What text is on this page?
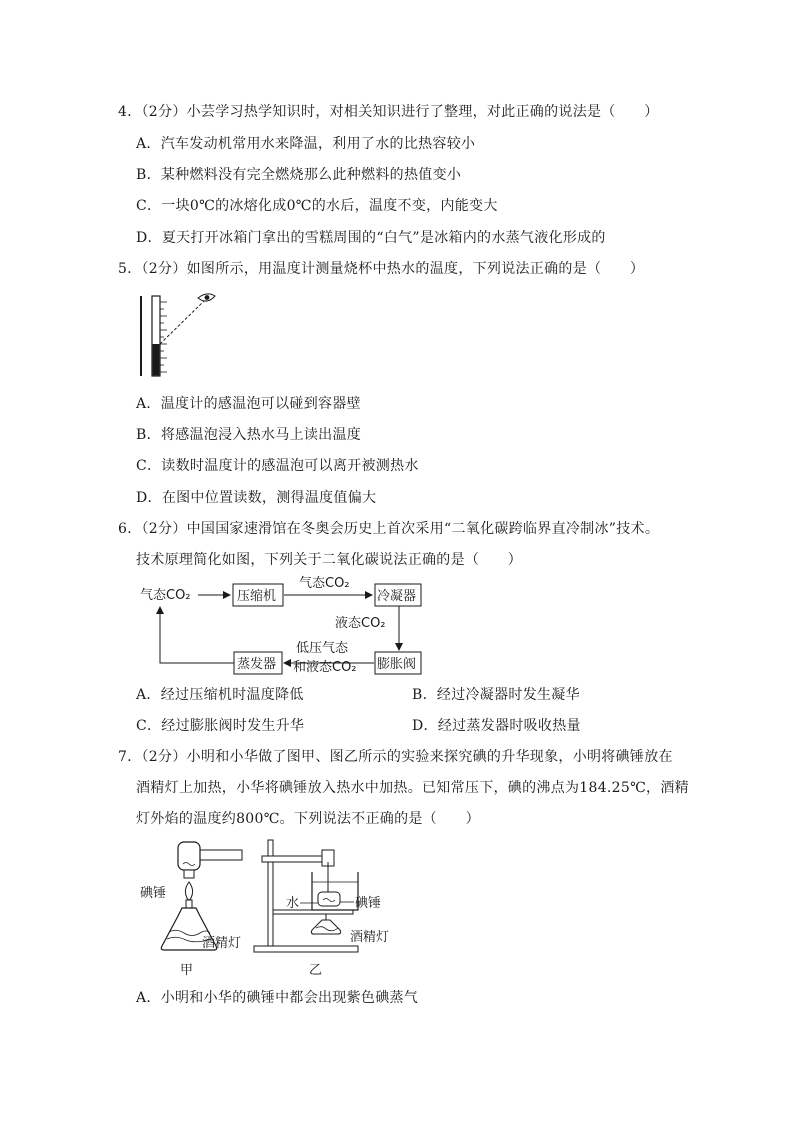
4．（2分）小芸学习热学知识时，对相关知识进行了整理，对此正确的说法是（　　）
A．汽车发动机常用水来降温，利用了水的比热容较小
B．某种燃料没有完全燃烧那么此种燃料的热值变小
C．一块0℃的冰熔化成0℃的水后，温度不变，内能变大
D．夏天打开冰箱门拿出的雪糕周围的“白气”是冰箱内的水蒸气液化形成的
5．（2分）如图所示，用温度计测量烧杯中热水的温度，下列说法正确的是（　　）
A．温度计的感温泡可以碰到容器壁
B．将感温泡浸入热水马上读出温度
C．读数时温度计的感温泡可以离开被测热水
D．在图中位置读数，测得温度值偏大
6．（2分）中国国家速滑馆在冬奥会历史上首次采用“二氧化碳跨临界直冷制冰”技术。
技术原理简化如图，下列关于二氧化碳说法正确的是（　　）
气态CO₂	压缩机
气态CO₂
冷凝器
液态CO₂
膨胀阀
低压气态
和液态CO₂
蒸发器
A．经过压缩机时温度降低	B．经过冷凝器时发生凝华
C．经过膨胀阀时发生升华	D．经过蒸发器时吸收热量
7．（2分）小明和小华做了图甲、图乙所示的实验来探究碘的升华现象，小明将碘锤放在
酒精灯上加热，小华将碘锤放入热水中加热。已知常压下，碘的沸点为184.25℃，酒精
灯外焰的温度约800℃。下列说法不正确的是（　　）
碘锤
酒精灯
甲
水	碘锤
酒精灯
乙
A．小明和小华的碘锤中都会出现紫色碘蒸气
